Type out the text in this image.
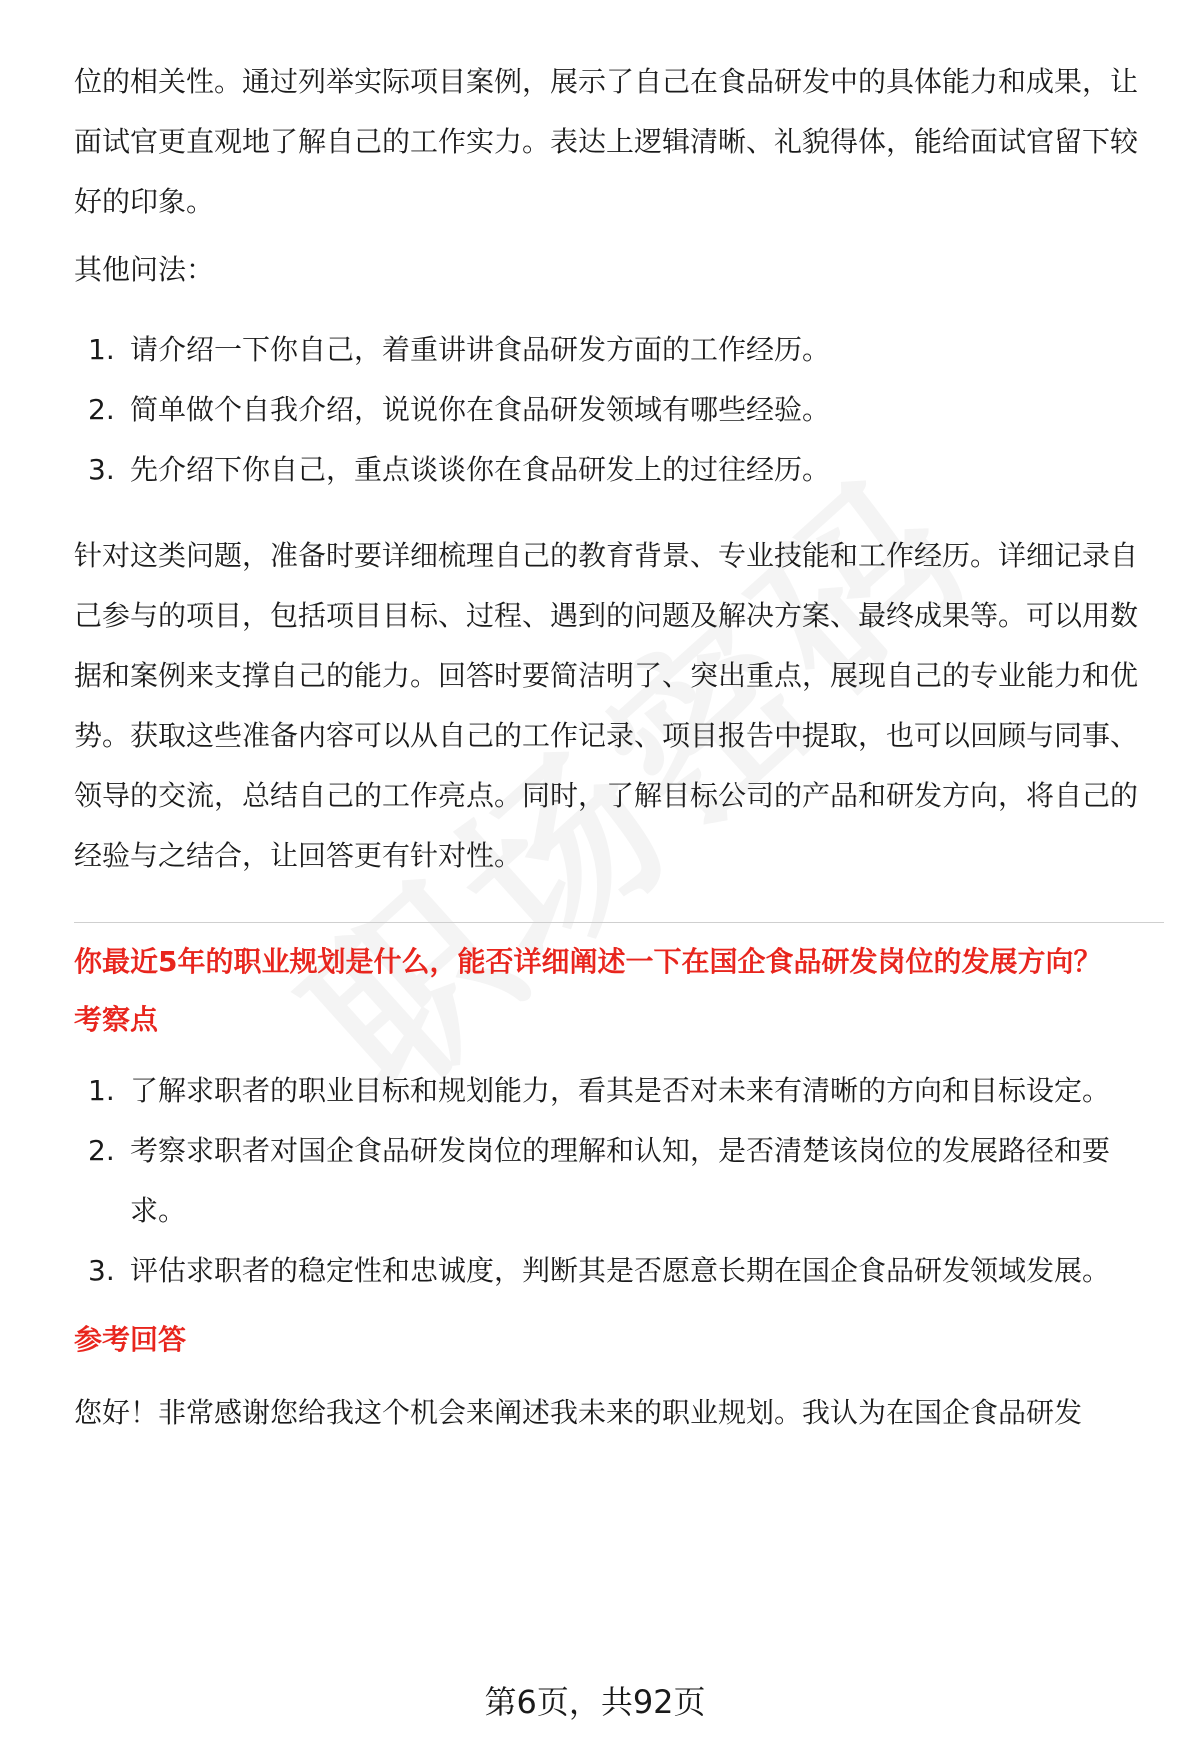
位的相关性。通过列举实际项目案例，展示了自己在食品研发中的具体能力和成果，让面试官更直观地了解自己的工作实力。表达上逻辑清晰、礼貌得体，能给面试官留下较好的印象。

其他问法：

1. 请介绍一下你自己，着重讲讲食品研发方面的工作经历。
2. 简单做个自我介绍，说说你在食品研发领域有哪些经验。
3. 先介绍下你自己，重点谈谈你在食品研发上的过往经历。

针对这类问题，准备时要详细梳理自己的教育背景、专业技能和工作经历。详细记录自己参与的项目，包括项目目标、过程、遇到的问题及解决方案、最终成果等。可以用数据和案例来支撑自己的能力。回答时要简洁明了、突出重点，展现自己的专业能力和优势。获取这些准备内容可以从自己的工作记录、项目报告中提取，也可以回顾与同事、领导的交流，总结自己的工作亮点。同时，了解目标公司的产品和研发方向，将自己的经验与之结合，让回答更有针对性。

你最近5年的职业规划是什么，能否详细阐述一下在国企食品研发岗位的发展方向？

考察点

1. 了解求职者的职业目标和规划能力，看其是否对未来有清晰的方向和目标设定。
2. 考察求职者对国企食品研发岗位的理解和认知，是否清楚该岗位的发展路径和要求。
3. 评估求职者的稳定性和忠诚度，判断其是否愿意长期在国企食品研发领域发展。

参考回答

您好！非常感谢您给我这个机会来阐述我未来的职业规划。我认为在国企食品研发

第6页，共92页
